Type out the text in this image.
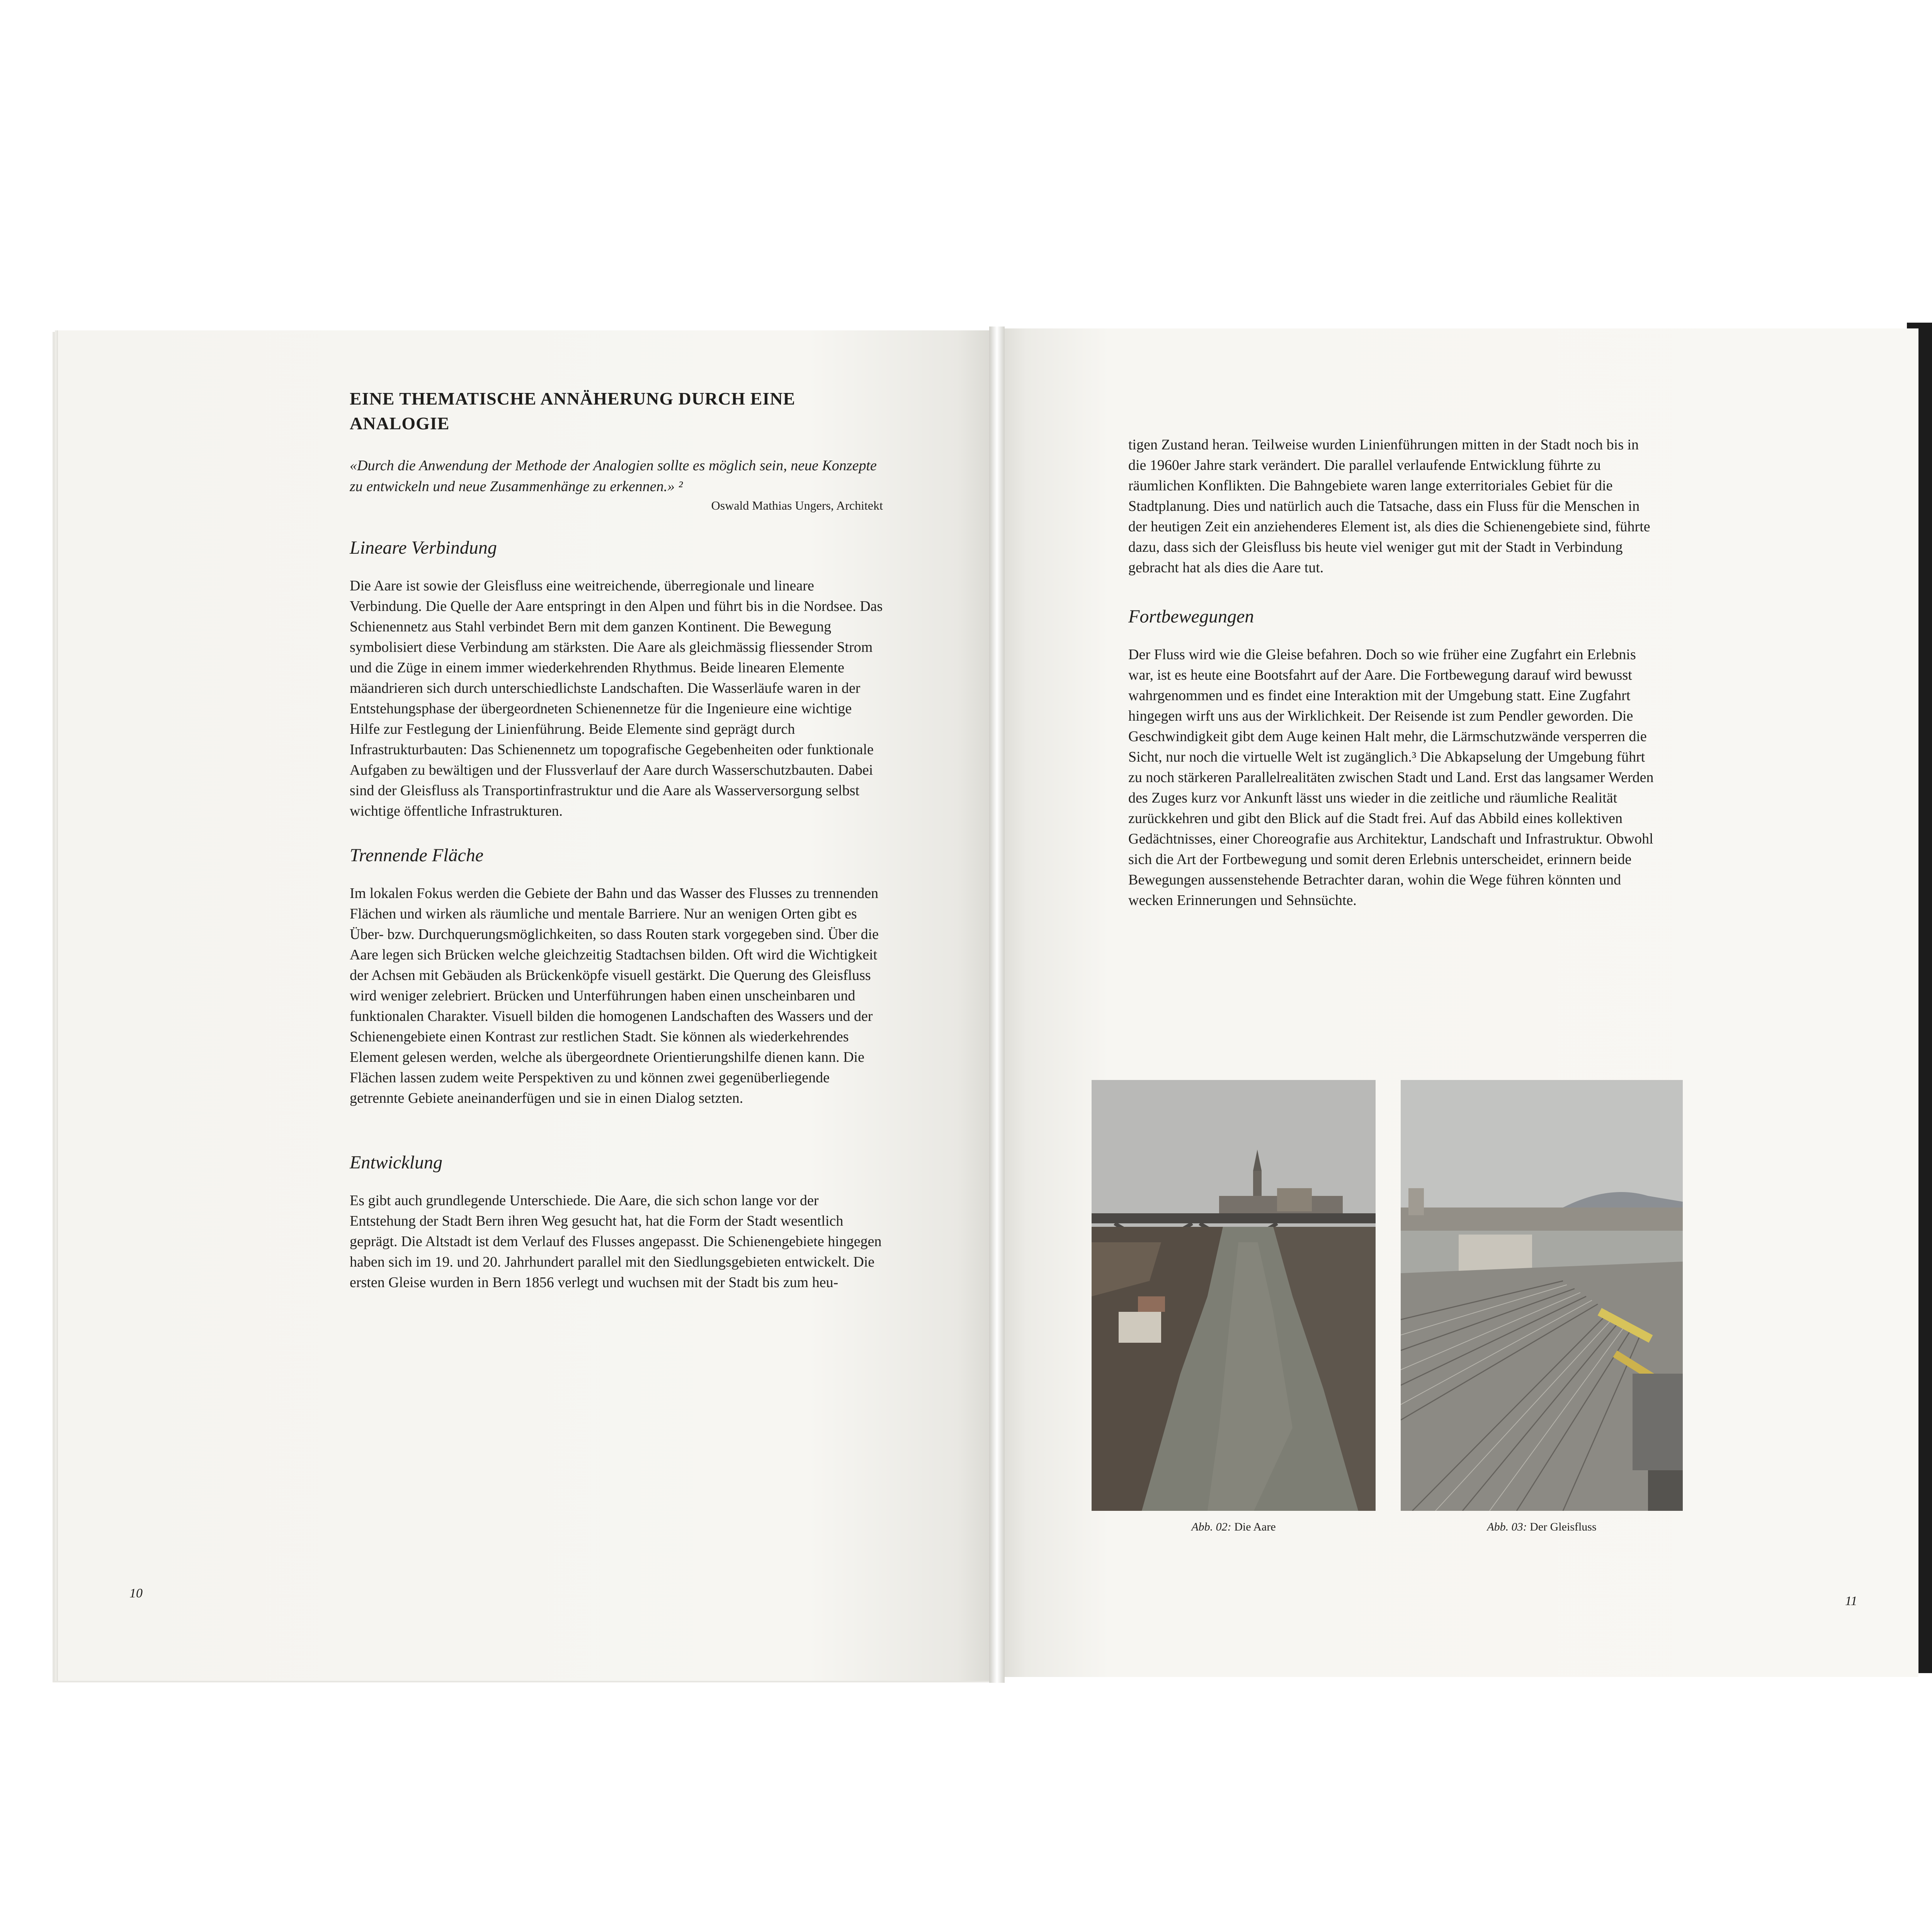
EINE THEMATISCHE ANNÄHERUNG DURCH EINE ANALOGIE

«Durch die Anwendung der Methode der Analogien sollte es möglich sein, neue Konzepte zu entwickeln und neue Zusammenhänge zu erkennen.» ²

Oswald Mathias Ungers, Architekt

Lineare Verbindung

Die Aare ist sowie der Gleisfluss eine weitreichende, überregionale und lineare Verbindung. Die Quelle der Aare entspringt in den Alpen und führt bis in die Nordsee. Das Schienennetz aus Stahl verbindet Bern mit dem ganzen Kontinent. Die Bewegung symbolisiert diese Verbindung am stärksten. Die Aare als gleichmässig fliessender Strom und die Züge in einem immer wiederkehrenden Rhythmus. Beide linearen Elemente mäandrieren sich durch unterschiedlichste Landschaften. Die Wasserläufe waren in der Entstehungsphase der übergeordneten Schienennetze für die Ingenieure eine wichtige Hilfe zur Festlegung der Linienführung. Beide Elemente sind geprägt durch Infrastrukturbauten: Das Schienennetz um topografische Gegebenheiten oder funktionale Aufgaben zu bewältigen und der Flussverlauf der Aare durch Wasserschutzbauten. Dabei sind der Gleisfluss als Transportinfrastruktur und die Aare als Wasserversorgung selbst wichtige öffentliche Infrastrukturen.

Trennende Fläche

Im lokalen Fokus werden die Gebiete der Bahn und das Wasser des Flusses zu trennenden Flächen und wirken als räumliche und mentale Barriere. Nur an wenigen Orten gibt es Über- bzw. Durchquerungsmöglichkeiten, so dass Routen stark vorgegeben sind. Über die Aare legen sich Brücken welche gleichzeitig Stadtachsen bilden. Oft wird die Wichtigkeit der Achsen mit Gebäuden als Brückenköpfe visuell gestärkt. Die Querung des Gleisfluss wird weniger zelebriert. Brücken und Unterführungen haben einen unscheinbaren und funktionalen Charakter. Visuell bilden die homogenen Landschaften des Wassers und der Schienengebiete einen Kontrast zur restlichen Stadt. Sie können als wiederkehrendes Element gelesen werden, welche als übergeordnete Orientierungshilfe dienen kann. Die Flächen lassen zudem weite Perspektiven zu und können zwei gegenüberliegende getrennte Gebiete aneinanderfügen und sie in einen Dialog setzten.

Entwicklung

Es gibt auch grundlegende Unterschiede. Die Aare, die sich schon lange vor der Entstehung der Stadt Bern ihren Weg gesucht hat, hat die Form der Stadt wesentlich geprägt. Die Altstadt ist dem Verlauf des Flusses angepasst. Die Schienengebiete hingegen haben sich im 19. und 20. Jahrhundert parallel mit den Siedlungsgebieten entwickelt. Die ersten Gleise wurden in Bern 1856 verlegt und wuchsen mit der Stadt bis zum heu-

10

tigen Zustand heran. Teilweise wurden Linienführungen mitten in der Stadt noch bis in die 1960er Jahre stark verändert. Die parallel verlaufende Entwicklung führte zu räumlichen Konflikten. Die Bahngebiete waren lange exterritoriales Gebiet für die Stadtplanung. Dies und natürlich auch die Tatsache, dass ein Fluss für die Menschen in der heutigen Zeit ein anziehenderes Element ist, als dies die Schienengebiete sind, führte dazu, dass sich der Gleisfluss bis heute viel weniger gut mit der Stadt in Verbindung gebracht hat als dies die Aare tut.

Fortbewegungen

Der Fluss wird wie die Gleise befahren. Doch so wie früher eine Zugfahrt ein Erlebnis war, ist es heute eine Bootsfahrt auf der Aare. Die Fortbewegung darauf wird bewusst wahrgenommen und es findet eine Interaktion mit der Umgebung statt. Eine Zugfahrt hingegen wirft uns aus der Wirklichkeit. Der Reisende ist zum Pendler geworden. Die Geschwindigkeit gibt dem Auge keinen Halt mehr, die Lärmschutzwände versperren die Sicht, nur noch die virtuelle Welt ist zugänglich.³ Die Abkapselung der Umgebung führt zu noch stärkeren Parallelrealitäten zwischen Stadt und Land. Erst das langsamer Werden des Zuges kurz vor Ankunft lässt uns wieder in die zeitliche und räumliche Realität zurückkehren und gibt den Blick auf die Stadt frei. Auf das Abbild eines kollektiven Gedächtnisses, einer Choreografie aus Architektur, Landschaft und Infrastruktur. Obwohl sich die Art der Fortbewegung und somit deren Erlebnis unterscheidet, erinnern beide Bewegungen aussenstehende Betrachter daran, wohin die Wege führen könnten und wecken Erinnerungen und Sehnsüchte.

Abb. 02: Die Aare	Abb. 03: Der Gleisfluss
11
